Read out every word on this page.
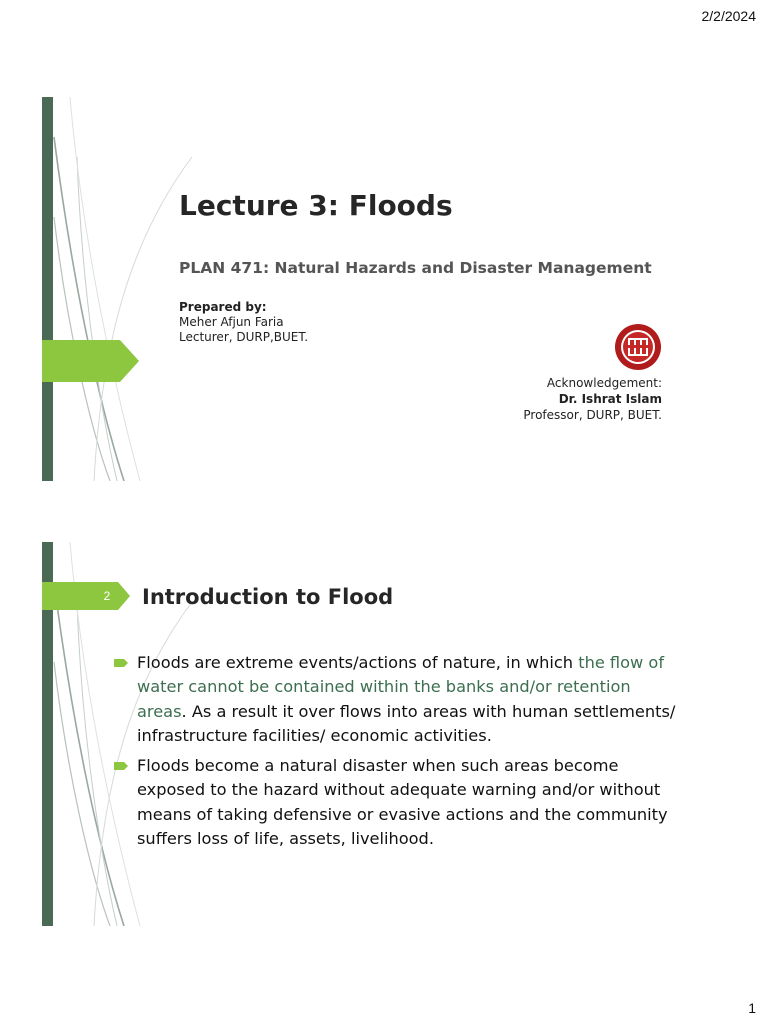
2/2/2024
Lecture 3: Floods
PLAN 471: Natural Hazards and Disaster Management
Prepared by:
Meher Afjun Faria
Lecturer, DURP,BUET.
Acknowledgement:
Dr. Ishrat Islam
Professor, DURP, BUET.
2	Introduction to Flood
Floods are extreme events/actions of nature, in which the flow of water cannot be contained within the banks and/or retention areas. As a result it over flows into areas with human settlements/ infrastructure facilities/ economic activities.
Floods become a natural disaster when such areas become exposed to the hazard without adequate warning and/or without means of taking defensive or evasive actions and the community suffers loss of life, assets, livelihood.
1
